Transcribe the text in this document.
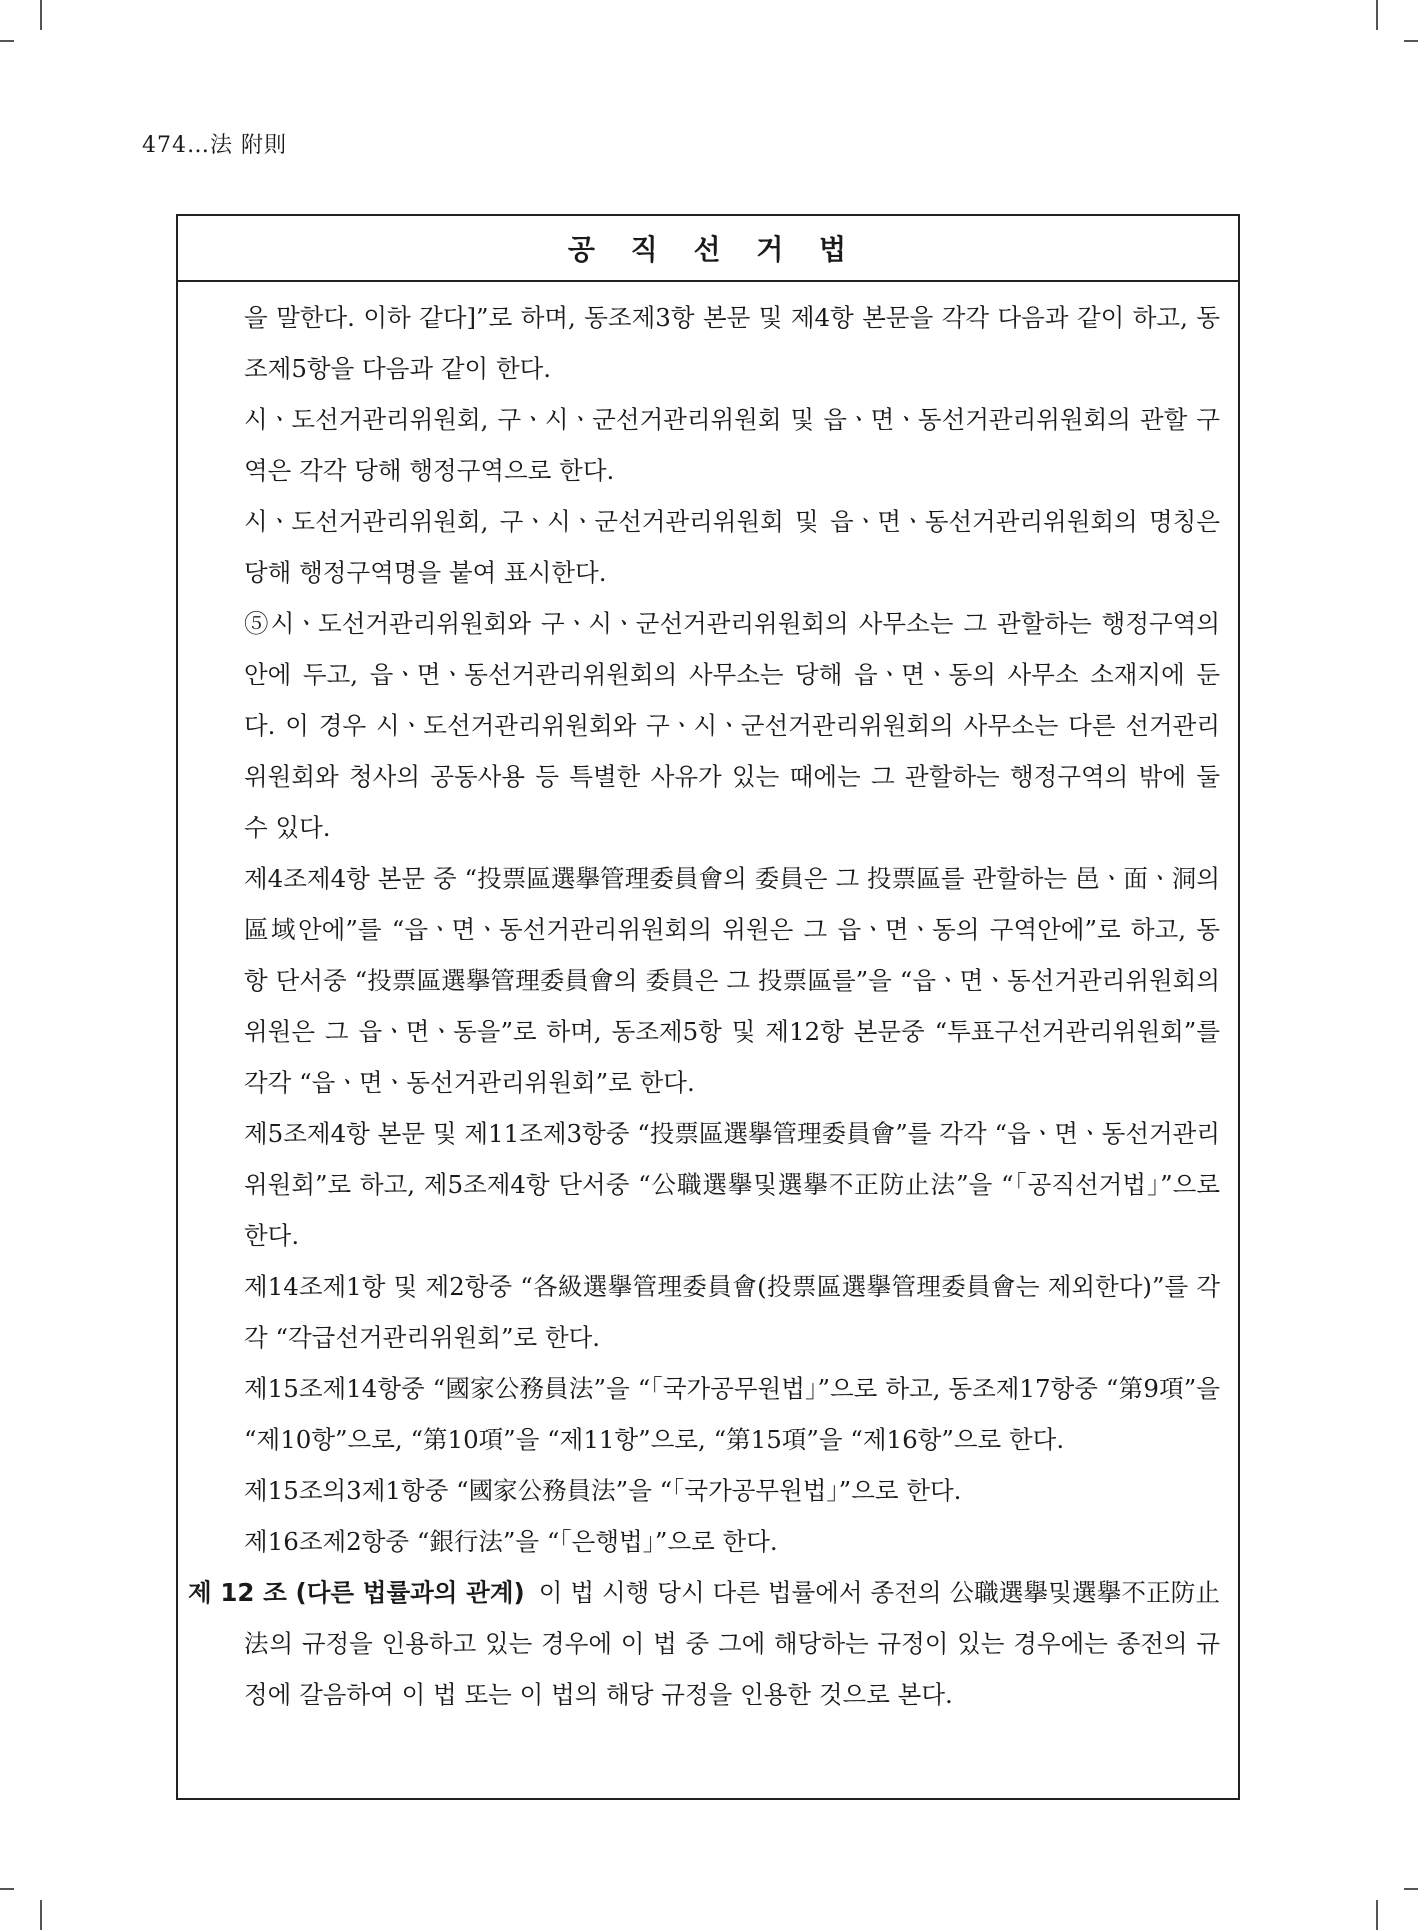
474…法 附則
공 직 선 거 법

을 말한다. 이하 같다]”로 하며, 동조제3항 본문 및 제4항 본문을 각각 다음과 같이 하고, 동조제5항을 다음과 같이 한다.

시ㆍ도선거관리위원회, 구ㆍ시ㆍ군선거관리위원회 및 읍ㆍ면ㆍ동선거관리위원회의 관할 구역은 각각 당해 행정구역으로 한다.

시ㆍ도선거관리위원회, 구ㆍ시ㆍ군선거관리위원회 및 읍ㆍ면ㆍ동선거관리위원회의 명칭은 당해 행정구역명을 붙여 표시한다.

⑤시ㆍ도선거관리위원회와 구ㆍ시ㆍ군선거관리위원회의 사무소는 그 관할하는 행정구역의 안에 두고, 읍ㆍ면ㆍ동선거관리위원회의 사무소는 당해 읍ㆍ면ㆍ동의 사무소 소재지에 둔다. 이 경우 시ㆍ도선거관리위원회와 구ㆍ시ㆍ군선거관리위원회의 사무소는 다른 선거관리위원회와 청사의 공동사용 등 특별한 사유가 있는 때에는 그 관할하는 행정구역의 밖에 둘 수 있다.

제4조제4항 본문 중 “投票區選擧管理委員會의 委員은 그 投票區를 관할하는 邑ㆍ面ㆍ洞의 區域안에”를 “읍ㆍ면ㆍ동선거관리위원회의 위원은 그 읍ㆍ면ㆍ동의 구역안에”로 하고, 동항 단서중 “投票區選擧管理委員會의 委員은 그 投票區를”을 “읍ㆍ면ㆍ동선거관리위원회의 위원은 그 읍ㆍ면ㆍ동을”로 하며, 동조제5항 및 제12항 본문중 “투표구선거관리위원회”를 각각 “읍ㆍ면ㆍ동선거관리위원회”로 한다.

제5조제4항 본문 및 제11조제3항중 “投票區選擧管理委員會”를 각각 “읍ㆍ면ㆍ동선거관리위원회”로 하고, 제5조제4항 단서중 “公職選擧및選擧不正防止法”을 “「공직선거법」”으로 한다.

제14조제1항 및 제2항중 “各級選擧管理委員會(投票區選擧管理委員會는 제외한다)”를 각각 “각급선거관리위원회”로 한다.

제15조제14항중 “國家公務員法”을 “「국가공무원법」”으로 하고, 동조제17항중 “第9項”을 “제10항”으로, “第10項”을 “제11항”으로, “第15項”을 “제16항”으로 한다.

제15조의3제1항중 “國家公務員法”을 “「국가공무원법」”으로 한다.

제16조제2항중 “銀行法”을 “「은행법」”으로 한다.

제 12 조 (다른 법률과의 관계) 이 법 시행 당시 다른 법률에서 종전의 公職選擧및選擧不正防止法의 규정을 인용하고 있는 경우에 이 법 중 그에 해당하는 규정이 있는 경우에는 종전의 규정에 갈음하여 이 법 또는 이 법의 해당 규정을 인용한 것으로 본다.
